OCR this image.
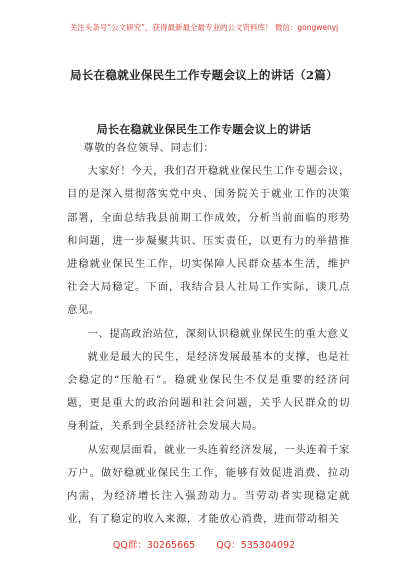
关注头条号“公文研究”，获得最新最全最专业的公文资料库！ 微信：gongwenyj
局长在稳就业保民生工作专题会议上的讲话（2篇）
局长在稳就业保民生工作专题会议上的讲话

尊敬的各位领导、同志们：

大家好！今天，我们召开稳就业保民生工作专题会议，目的是深入贯彻落实党中央、国务院关于就业工作的决策部署，全面总结我县前期工作成效，分析当前面临的形势和问题，进一步凝聚共识、压实责任，以更有力的举措推进稳就业保民生工作，切实保障人民群众基本生活，维护社会大局稳定。下面，我结合县人社局工作实际，谈几点意见。

一、提高政治站位，深刻认识稳就业保民生的重大意义

就业是最大的民生，是经济发展最基本的支撑，也是社会稳定的“压舱石”。稳就业保民生不仅是重要的经济问题，更是重大的政治问题和社会问题，关乎人民群众的切身利益，关系到全县经济社会发展大局。

从宏观层面看，就业一头连着经济发展，一头连着千家万户。做好稳就业保民生工作，能够有效促进消费、拉动内需，为经济增长注入强劲动力。当劳动者实现稳定就业，有了稳定的收入来源，才能放心消费，进而带动相关

QQ群：30265665 QQ：535304092
